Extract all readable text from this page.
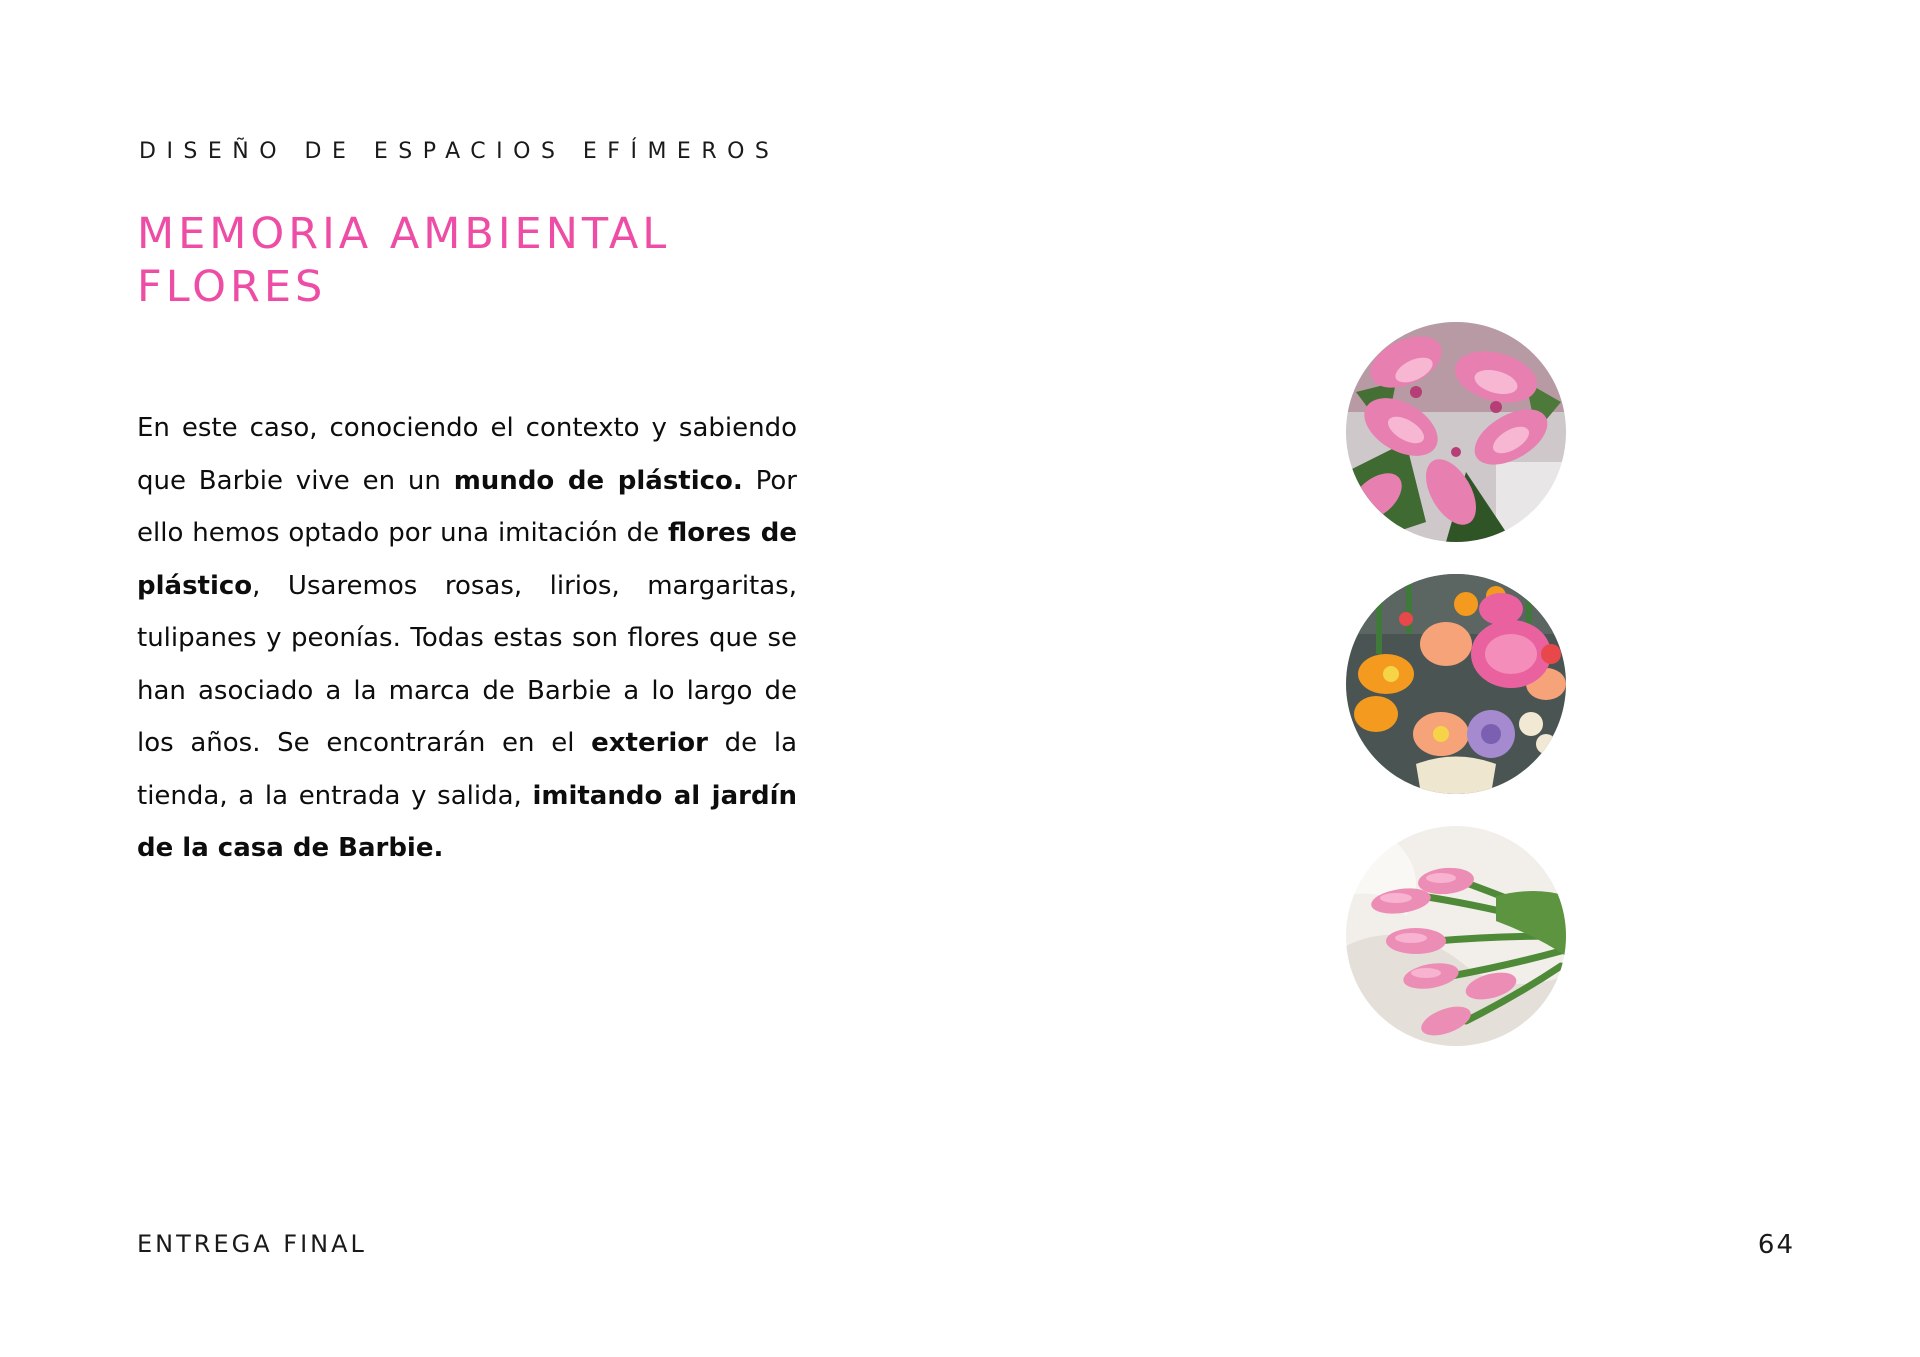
DISEÑO DE ESPACIOS EFÍMEROS
MEMORIA AMBIENTAL
FLORES

En este caso, conociendo el contexto y sabiendo que Barbie vive en un mundo de plástico. Por ello hemos optado por una imitación de flores de plástico, Usaremos rosas, lirios, margaritas, tulipanes y peonías. Todas estas son flores que se han asociado a la marca de Barbie a lo largo de los años. Se encontrarán en el exterior de la tienda, a la entrada y salida, imitando al jardín de la casa de Barbie.

ENTREGA FINAL	64
